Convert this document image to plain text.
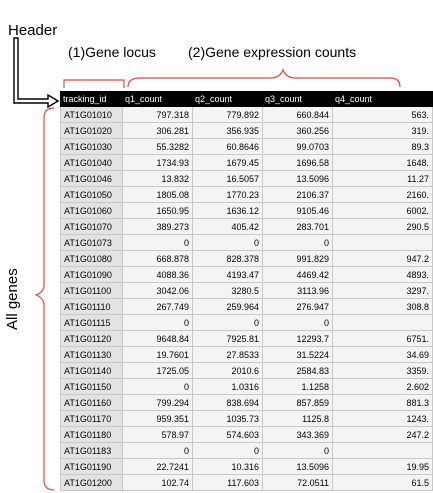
Header
(1)Gene locus (2)Gene expression counts
All genes
tracking_id	q1_count	q2_count	q3_count	q4_count
AT1G01010	797.318	779.892	660.844	563.
AT1G01020	306.281	356.935	360.256	319.
AT1G01030	55.3282	60.8646	99.0703	89.3
AT1G01040	1734.93	1679.45	1696.58	1648.
AT1G01046	13.832	16.5057	13.5096	11.27
AT1G01050	1805.08	1770.23	2106.37	2160.
AT1G01060	1650.95	1636.12	9105.46	6002.
AT1G01070	389.273	405.42	283.701	290.5
AT1G01073	0	0	0	
AT1G01080	668.878	828.378	991.829	947.2
AT1G01090	4088.36	4193.47	4469.42	4893.
AT1G01100	3042.06	3280.5	3113.96	3297.
AT1G01110	267.749	259.964	276.947	308.8
AT1G01115	0	0	0	
AT1G01120	9648.84	7925.81	12293.7	6751.
AT1G01130	19.7601	27.8533	31.5224	34.69
AT1G01140	1725.05	2010.6	2584.83	3359.
AT1G01150	0	1.0316	1.1258	2.602
AT1G01160	799.294	838.694	857.859	881.3
AT1G01170	959.351	1035.73	1125.8	1243.
AT1G01180	578.97	574.603	343.369	247.2
AT1G01183	0	0	0	
AT1G01190	22.7241	10.316	13.5096	19.95
AT1G01200	102.74	117.603	72.0511	61.5
